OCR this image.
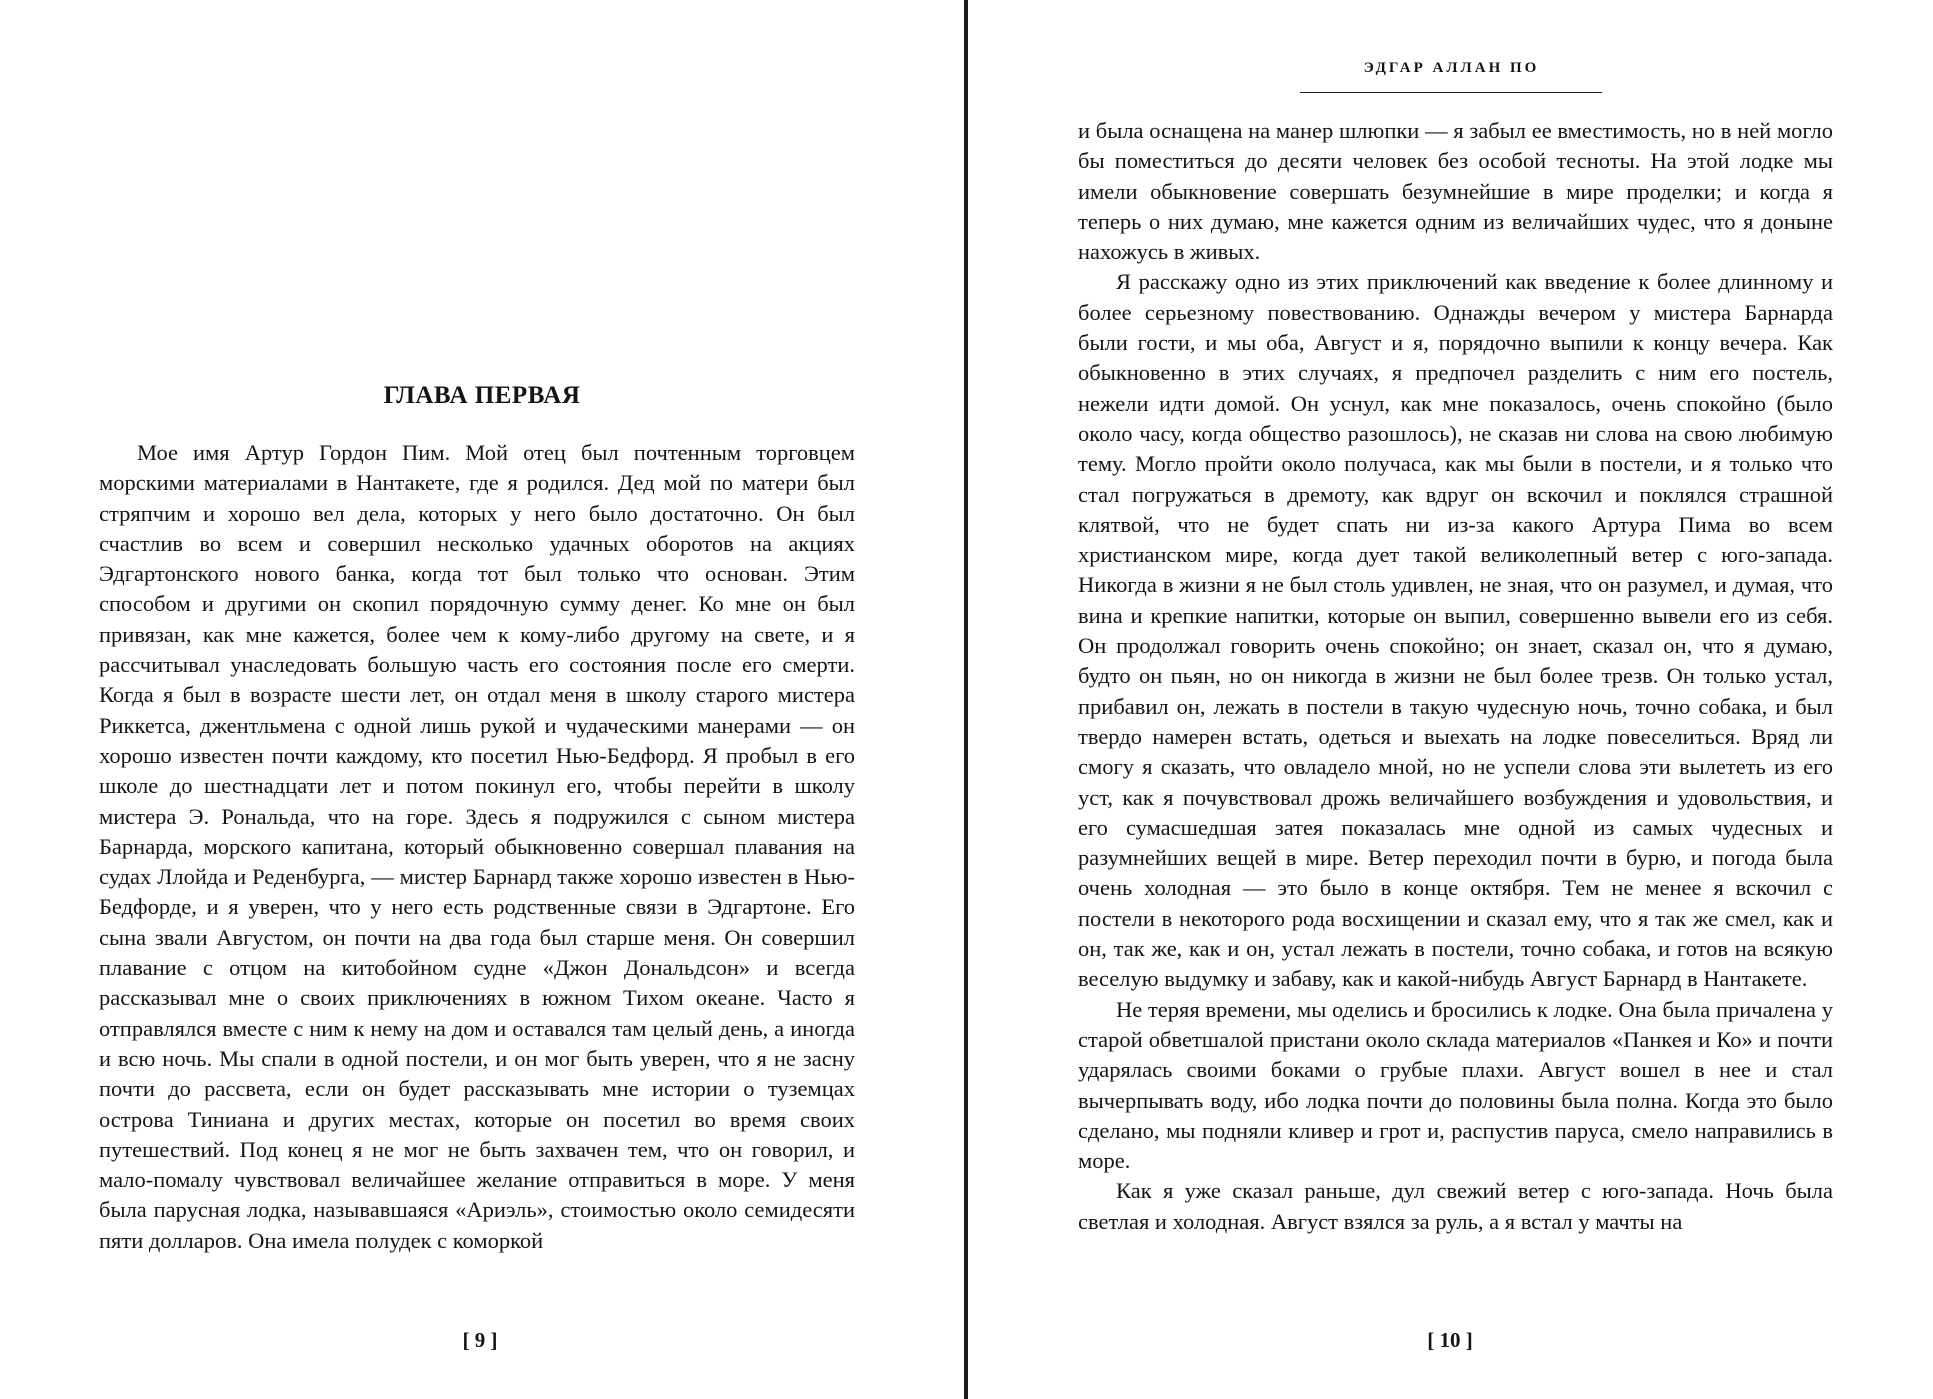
ГЛАВА ПЕРВАЯ

Мое имя Артур Гордон Пим. Мой отец был почтенным торговцем морскими материалами в Нантакете, где я родился. Дед мой по матери был стряпчим и хорошо вел дела, которых у него было достаточно. Он был счастлив во всем и совершил несколько удачных оборотов на акциях Эдгартонского нового банка, когда тот был только что основан. Этим способом и другими он скопил порядочную сумму денег. Ко мне он был привязан, как мне кажется, более чем к кому-либо другому на свете, и я рассчитывал унаследовать большую часть его состояния после его смерти. Когда я был в возрасте шести лет, он отдал меня в школу старого мистера Риккетса, джентльмена с одной лишь рукой и чудаческими манерами — он хорошо известен почти каждому, кто посетил Нью-Бедфорд. Я пробыл в его школе до шестнадцати лет и потом покинул его, чтобы перейти в школу мистера Э. Рональда, что на горе. Здесь я подружился с сыном мистера Барнарда, морского капитана, который обыкновенно совершал плавания на судах Ллойда и Реденбурга, — мистер Барнард также хорошо известен в Нью-Бедфорде, и я уверен, что у него есть родственные связи в Эдгартоне. Его сына звали Августом, он почти на два года был старше меня. Он совершил плавание с отцом на китобойном судне «Джон Дональдсон» и всегда рассказывал мне о своих приключениях в южном Тихом океане. Часто я отправлялся вместе с ним к нему на дом и оставался там целый день, а иногда и всю ночь. Мы спали в одной постели, и он мог быть уверен, что я не засну почти до рассвета, если он будет рассказывать мне истории о туземцах острова Тиниана и других местах, которые он посетил во время своих путешествий. Под конец я не мог не быть захвачен тем, что он говорил, и мало-помалу чувствовал величайшее желание отправиться в море. У меня была парусная лодка, называвшаяся «Ариэль», стоимостью около семидесяти пяти долларов. Она имела полудек с коморкой

[ 9 ]
ЭДГАР АЛЛАН ПО

и была оснащена на манер шлюпки — я забыл ее вместимость, но в ней могло бы поместиться до десяти человек без особой тесноты. На этой лодке мы имели обыкновение совершать безумнейшие в мире проделки; и когда я теперь о них думаю, мне кажется одним из величайших чудес, что я доныне нахожусь в живых.

Я расскажу одно из этих приключений как введение к более длинному и более серьезному повествованию. Однажды вечером у мистера Барнарда были гости, и мы оба, Август и я, порядочно выпили к концу вечера. Как обыкновенно в этих случаях, я предпочел разделить с ним его постель, нежели идти домой. Он уснул, как мне показалось, очень спокойно (было около часу, когда общество разошлось), не сказав ни слова на свою любимую тему. Могло пройти около получаса, как мы были в постели, и я только что стал погружаться в дремоту, как вдруг он вскочил и поклялся страшной клятвой, что не будет спать ни из-за какого Артура Пима во всем христианском мире, когда дует такой великолепный ветер с юго-запада. Никогда в жизни я не был столь удивлен, не зная, что он разумел, и думая, что вина и крепкие напитки, которые он выпил, совершенно вывели его из себя. Он продолжал говорить очень спокойно; он знает, сказал он, что я думаю, будто он пьян, но он никогда в жизни не был более трезв. Он только устал, прибавил он, лежать в постели в такую чудесную ночь, точно собака, и был твердо намерен встать, одеться и выехать на лодке повеселиться. Вряд ли смогу я сказать, что овладело мной, но не успели слова эти вылететь из его уст, как я почувствовал дрожь величайшего возбуждения и удовольствия, и его сумасшедшая затея показалась мне одной из самых чудесных и разумнейших вещей в мире. Ветер переходил почти в бурю, и погода была очень холодная — это было в конце октября. Тем не менее я вскочил с постели в некоторого рода восхищении и сказал ему, что я так же смел, как и он, так же, как и он, устал лежать в постели, точно собака, и готов на всякую веселую выдумку и забаву, как и какой-нибудь Август Барнард в Нантакете.

Не теряя времени, мы оделись и бросились к лодке. Она была причалена у старой обветшалой пристани около склада материалов «Панкея и Ко» и почти ударялась своими боками о грубые плахи. Август вошел в нее и стал вычерпывать воду, ибо лодка почти до половины была полна. Когда это было сделано, мы подняли кливер и грот и, распустив паруса, смело направились в море.

Как я уже сказал раньше, дул свежий ветер с юго-запада. Ночь была светлая и холодная. Август взялся за руль, а я встал у мачты на

[ 10 ]
